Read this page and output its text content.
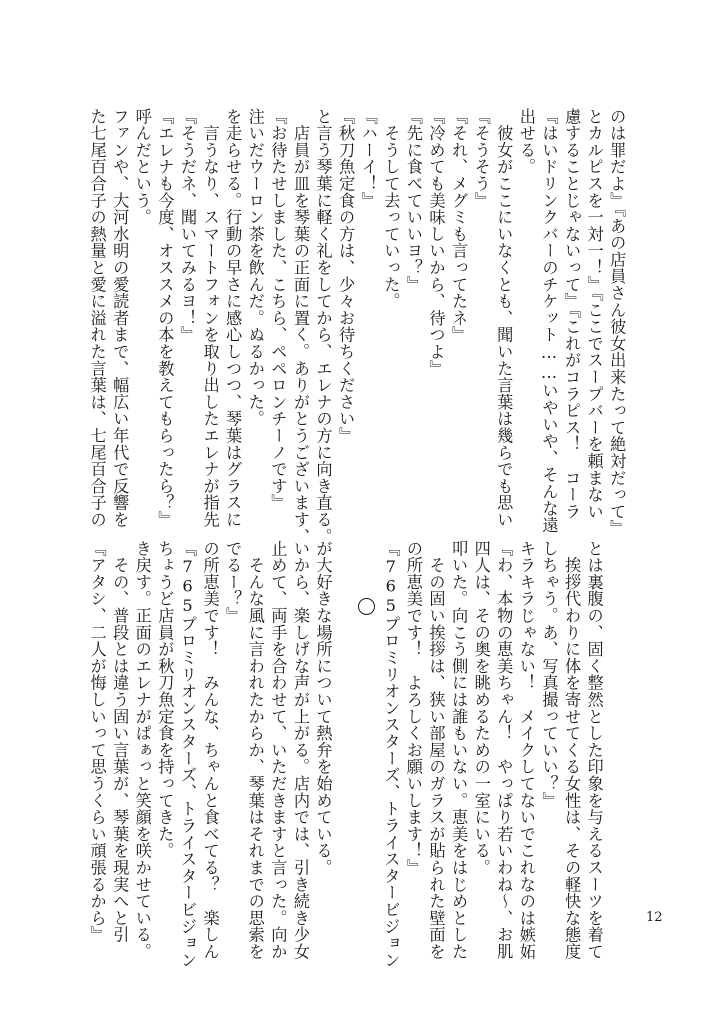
のは罪だよ』『あの店員さん彼女出来たって絶対だって』

とカルピスを一対一！』『ここでスープバーを頼まない

慮することじゃないって』『これがコラピス！　コーラ

『はいドリンクバーのチケット……いやいや、そんな遠

出せる。

　彼女がここにいなくとも、聞いた言葉は幾らでも思い

『そうそう』

『それ、メグミも言ってたネ』

『冷めても美味しいから、待つよ』

『先に食べていいヨ？』

　そうして去っていった。

『ハーイ！』

『秋刀魚定食の方は、少々お待ちください』

と言う琴葉に軽く礼をしてから、エレナの方に向き直る。

　店員が皿を琴葉の正面に置く。ありがとうございます、

『お待たせしました、こちら、ペペロンチーノです』

注いだウーロン茶を飲んだ。ぬるかった。

を走らせる。行動の早さに感心しつつ、琴葉はグラスに

　言うなり、スマートフォンを取り出したエレナが指先

『そうだネ、聞いてみるヨ！』

『エレナも今度、オススメの本を教えてもらったら？』

呼んだという。

ファンや、大河水明の愛読者まで、幅広い年代で反響を

た七尾百合子の熱量と愛に溢れた言葉は、七尾百合子の

とは裏腹の、固く整然とした印象を与えるスーツを着て

　挨拶代わりに体を寄せてくる女性は、その軽快な態度

しちゃう。あ、写真撮っていい？』

キラキラじゃない！　メイクしてないでこれなのは嫉妬

『わ、本物の恵美ちゃん！　やっぱり若いわね～、お肌

四人は、その奥を眺めるための一室にいる。

叩いた。向こう側には誰もいない。恵美をはじめとした

　その固い挨拶は、狭い部屋のガラスが貼られた壁面を

の所恵美です！　よろしくお願いします！』

『765プロミリオンスターズ、トライスタービジョン

が大好きな場所について熱弁を始めている。

いから、楽しげな声が上がる。店内では、引き続き少女

止めて、両手を合わせて、いただきますと言った。向か

　そんな風に言われたからか、琴葉はそれまでの思索を

でるー？』

の所恵美です！　みんな、ちゃんと食べてる？　楽しん

『765プロミリオンスターズ、トライスタービジョン

ちょうど店員が秋刀魚定食を持ってきた。

き戻す。正面のエレナがぱぁっと笑顔を咲かせている。

　その、普段とは違う固い言葉が、琴葉を現実へと引

『アタシ、二人が悔しいって思うくらい頑張るから』	12
